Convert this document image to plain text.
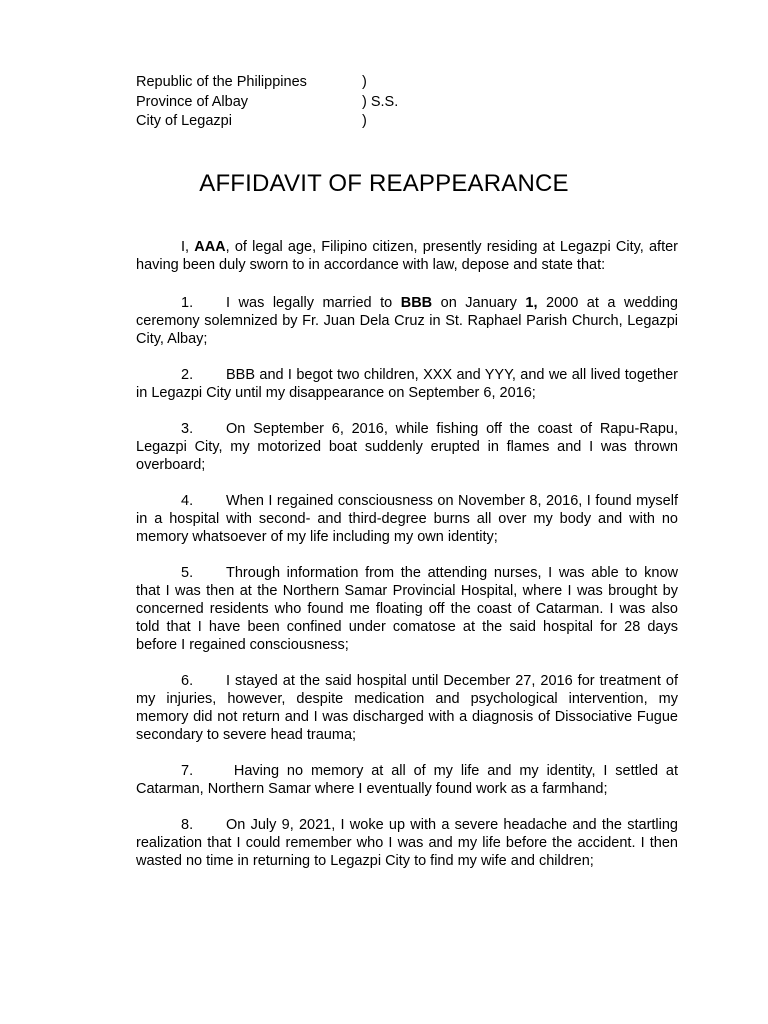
Republic of the Philippines	)
Province of Albay	) S.S.
City of Legazpi	)
AFFIDAVIT OF REAPPEARANCE

I, AAA, of legal age, Filipino citizen, presently residing at Legazpi City, after having been duly sworn to in accordance with law, depose and state that:

1. I was legally married to BBB on January 1, 2000 at a wedding ceremony solemnized by Fr. Juan Dela Cruz in St. Raphael Parish Church, Legazpi City, Albay;

2. BBB and I begot two children, XXX and YYY, and we all lived together in Legazpi City until my disappearance on September 6, 2016;

3. On September 6, 2016, while fishing off the coast of Rapu-Rapu, Legazpi City, my motorized boat suddenly erupted in flames and I was thrown overboard;

4. When I regained consciousness on November 8, 2016, I found myself in a hospital with second- and third-degree burns all over my body and with no memory whatsoever of my life including my own identity;

5. Through information from the attending nurses, I was able to know that I was then at the Northern Samar Provincial Hospital, where I was brought by concerned residents who found me floating off the coast of Catarman. I was also told that I have been confined under comatose at the said hospital for 28 days before I regained consciousness;

6. I stayed at the said hospital until December 27, 2016 for treatment of my injuries, however, despite medication and psychological intervention, my memory did not return and I was discharged with a diagnosis of Dissociative Fugue secondary to severe head trauma;

7. Having no memory at all of my life and my identity, I settled at Catarman, Northern Samar where I eventually found work as a farmhand;

8. On July 9, 2021, I woke up with a severe headache and the startling realization that I could remember who I was and my life before the accident. I then wasted no time in returning to Legazpi City to find my wife and children;
